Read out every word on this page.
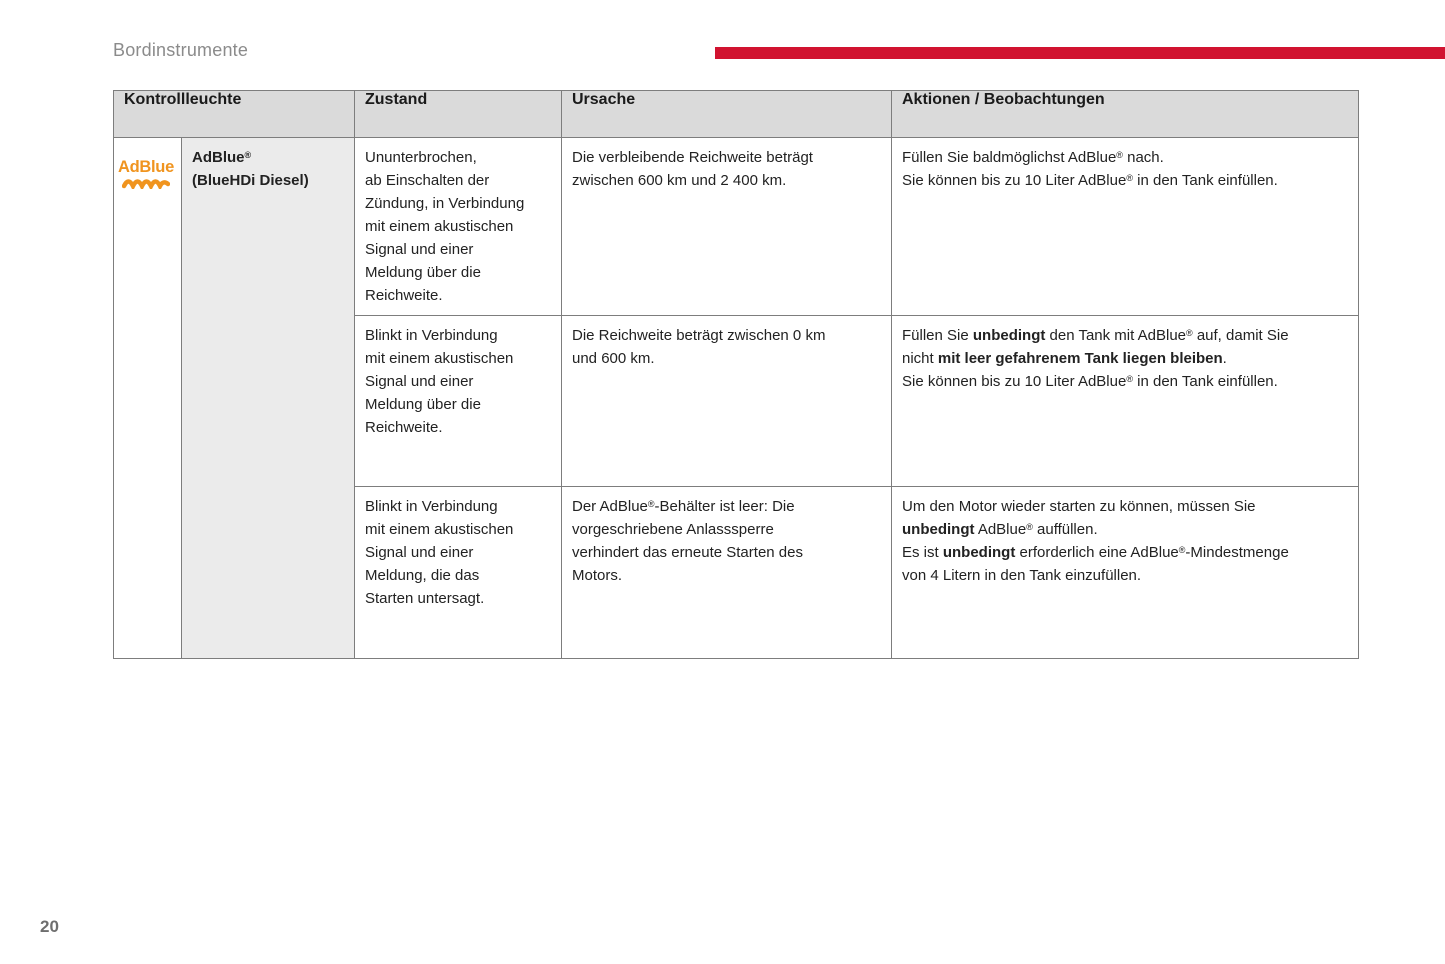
Bordinstrumente
Kontrollleuchte		Zustand	Ursache	Aktionen / Beobachtungen

AdBlue

AdBlue®
(BlueHDi Diesel)
	Ununterbrochen,
ab Einschalten der
Zündung, in Verbindung
mit einem akustischen
Signal und einer
Meldung über die
Reichweite.	Die verbleibende Reichweite beträgt
zwischen 600 km und 2 400 km.	Füllen Sie baldmöglichst AdBlue® nach.
Sie können bis zu 10 Liter AdBlue® in den Tank einfüllen.
		Blinkt in Verbindung
mit einem akustischen
Signal und einer
Meldung über die
Reichweite.	Die Reichweite beträgt zwischen 0 km
und 600 km.	Füllen Sie unbedingt den Tank mit AdBlue® auf, damit Sie
nicht mit leer gefahrenem Tank liegen bleiben.
Sie können bis zu 10 Liter AdBlue® in den Tank einfüllen.
		Blinkt in Verbindung
mit einem akustischen
Signal und einer
Meldung, die das
Starten untersagt.	Der AdBlue®-Behälter ist leer: Die
vorgeschriebene Anlasssperre
verhindert das erneute Starten des
Motors.	Um den Motor wieder starten zu können, müssen Sie
unbedingt AdBlue® auffüllen.
Es ist unbedingt erforderlich eine AdBlue®-Mindestmenge
von 4 Litern in den Tank einzufüllen.
20
